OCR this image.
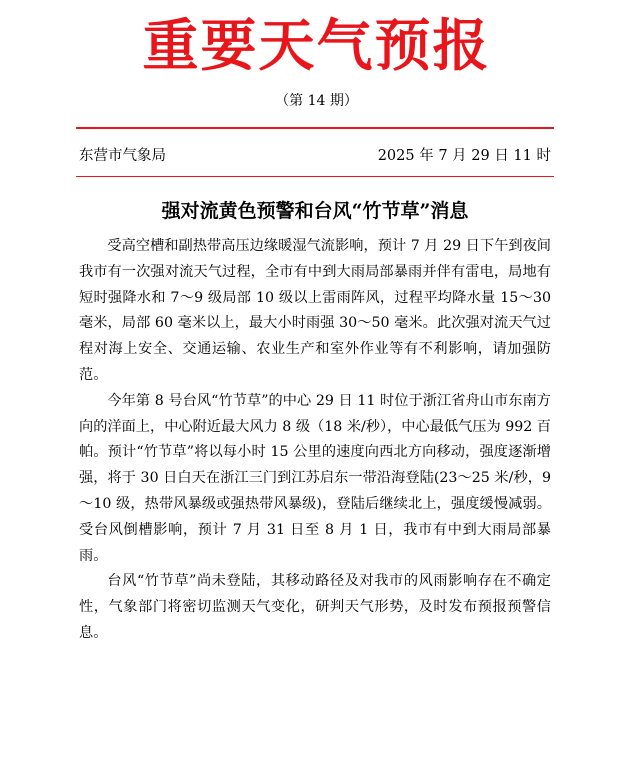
重要天气预报
（第 14 期）
东营市气象局	2025 年 7 月 29 日 11 时
强对流黄色预警和台风“竹节草”消息

受高空槽和副热带高压边缘暖湿气流影响，预计 7 月 29 日下午到夜间我市有一次强对流天气过程，全市有中到大雨局部暴雨并伴有雷电，局地有短时强降水和 7～9 级局部 10 级以上雷雨阵风，过程平均降水量 15～30 毫米，局部 60 毫米以上，最大小时雨强 30～50 毫米。此次强对流天气过程对海上安全、交通运输、农业生产和室外作业等有不利影响，请加强防范。

今年第 8 号台风“竹节草”的中心 29 日 11 时位于浙江省舟山市东南方向的洋面上，中心附近最大风力 8 级（18 米/秒），中心最低气压为 992 百帕。预计“竹节草”将以每小时 15 公里的速度向西北方向移动，强度逐渐增强，将于 30 日白天在浙江三门到江苏启东一带沿海登陆(23～25 米/秒，9～10 级，热带风暴级或强热带风暴级)，登陆后继续北上，强度缓慢减弱。受台风倒槽影响，预计 7 月 31 日至 8 月 1 日，我市有中到大雨局部暴雨。

台风“竹节草”尚未登陆，其移动路径及对我市的风雨影响存在不确定性，气象部门将密切监测天气变化，研判天气形势，及时发布预报预警信息。
